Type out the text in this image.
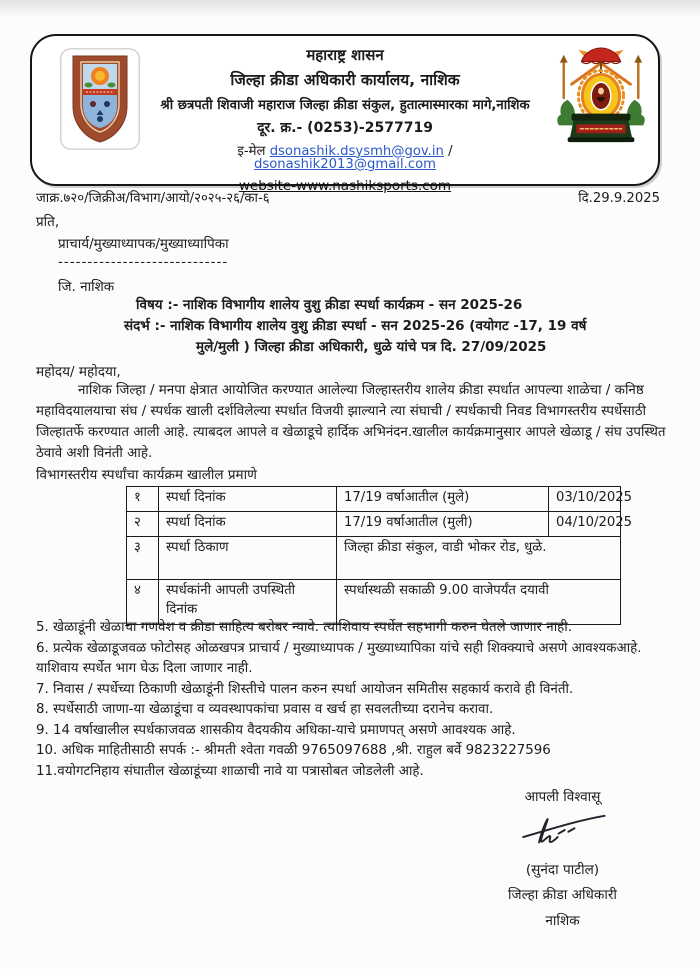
महाराष्ट्र शासन
जिल्हा क्रीडा अधिकारी कार्यालय, नाशिक
श्री छत्रपती शिवाजी महाराज जिल्हा क्रीडा संकुल, हुतात्मास्मारका मागे,नाशिक
दूर. क्र.- (0253)-2577719
इ-मेल dsonashik.dsysmh@gov.in / dsonashik2013@gmail.com
website-www.nashiksports.com
जाक्र.७२०/जिक्रीअ/विभाग/आयो/२०२५-२६/का-६	दि.29.9.2025
प्रति,
प्राचार्य/मुख्याध्यापक/मुख्याध्यापिका
-----------------------------
जि. नाशिक
विषय :- नाशिक विभागीय शालेय वुशु क्रीडा स्पर्धा कार्यक्रम - सन 2025-26
संदर्भ :- नाशिक विभागीय शालेय वुशु क्रीडा स्पर्धा - सन 2025-26 (वयोगट -17, 19 वर्ष
मुले/मुली ) जिल्हा क्रीडा अधिकारी, धुळे यांचे पत्र दि. 27/09/2025
महोदय/ महोदया,
नाशिक जिल्हा / मनपा क्षेत्रात आयोजित करण्यात आलेल्या जिल्हास्तरीय शालेय क्रीडा स्पर्धात आपल्या शाळेचा / कनिष्ठ महाविदयालयाचा संघ / स्पर्धक खाली दर्शविलेल्या स्पर्धात विजयी झाल्याने त्या संघाची / स्पर्धकाची निवड विभागस्तरीय स्पर्धेसाठी जिल्हातर्फे करण्यात आली आहे. त्याबदल आपले व खेळाडूचे हार्दिक अभिनंदन.खालील कार्यक्रमानुसार आपले खेळाडू / संघ उपस्थित ठेवावे अशी विनंती आहे.
विभागस्तरीय स्पर्धांचा कार्यक्रम खालील प्रमाणे
१	स्पर्धा दिनांक	17/19 वर्षाआतील (मुले)	03/10/2025
२	स्पर्धा दिनांक	17/19 वर्षाआतील (मुली)	04/10/2025
३	स्पर्धा ठिकाण	जिल्हा क्रीडा संकुल, वाडी भोकर रोड, धुळे.	
४	स्पर्धकांनी आपली उपस्थिती दिनांक	स्पर्धास्थळी सकाळी 9.00 वाजेपर्यंत दयावी	
5. खेळाडूंनी खेळाचा गणवेश व क्रीडा साहित्य बरोबर न्यावे. त्याशिवाय स्पर्धेत सहभागी करुन घेतले जाणार नाही.
6. प्रत्येक खेळाडूजवळ फोटोसह ओळखपत्र प्राचार्य / मुख्याध्यापक / मुख्याध्यापिका यांचे सही शिक्क्याचे असणे आवश्यकआहे. याशिवाय स्पर्धेत भाग घेऊ दिला जाणार नाही.
7. निवास / स्पर्धेच्या ठिकाणी खेळाडूंनी शिस्तीचे पालन करुन स्पर्धा आयोजन समितीस सहकार्य करावे ही विनंती.
8. स्पर्धेसाठी जाणा-या खेळाडूंचा व व्यवस्थापकांचा प्रवास व खर्च हा सवलतीच्या दरानेच करावा.
9. 14 वर्षाखालील स्पर्धकाजवळ शासकीय वैदयकीय अधिका-याचे प्रमाणपत् असणे आवश्यक आहे.
10. अधिक माहितीसाठी सपर्क :- श्रीमती श्वेता गवळी 9765097688 ,श्री. राहुल बर्वे 9823227596
11.वयोगटनिहाय संघातील खेळाडूंच्या शाळाची नावे या पत्रासोबत जोडलेली आहे.
आपली विश्वासू
(सुनंदा पाटील)
जिल्हा क्रीडा अधिकारी
नाशिक
